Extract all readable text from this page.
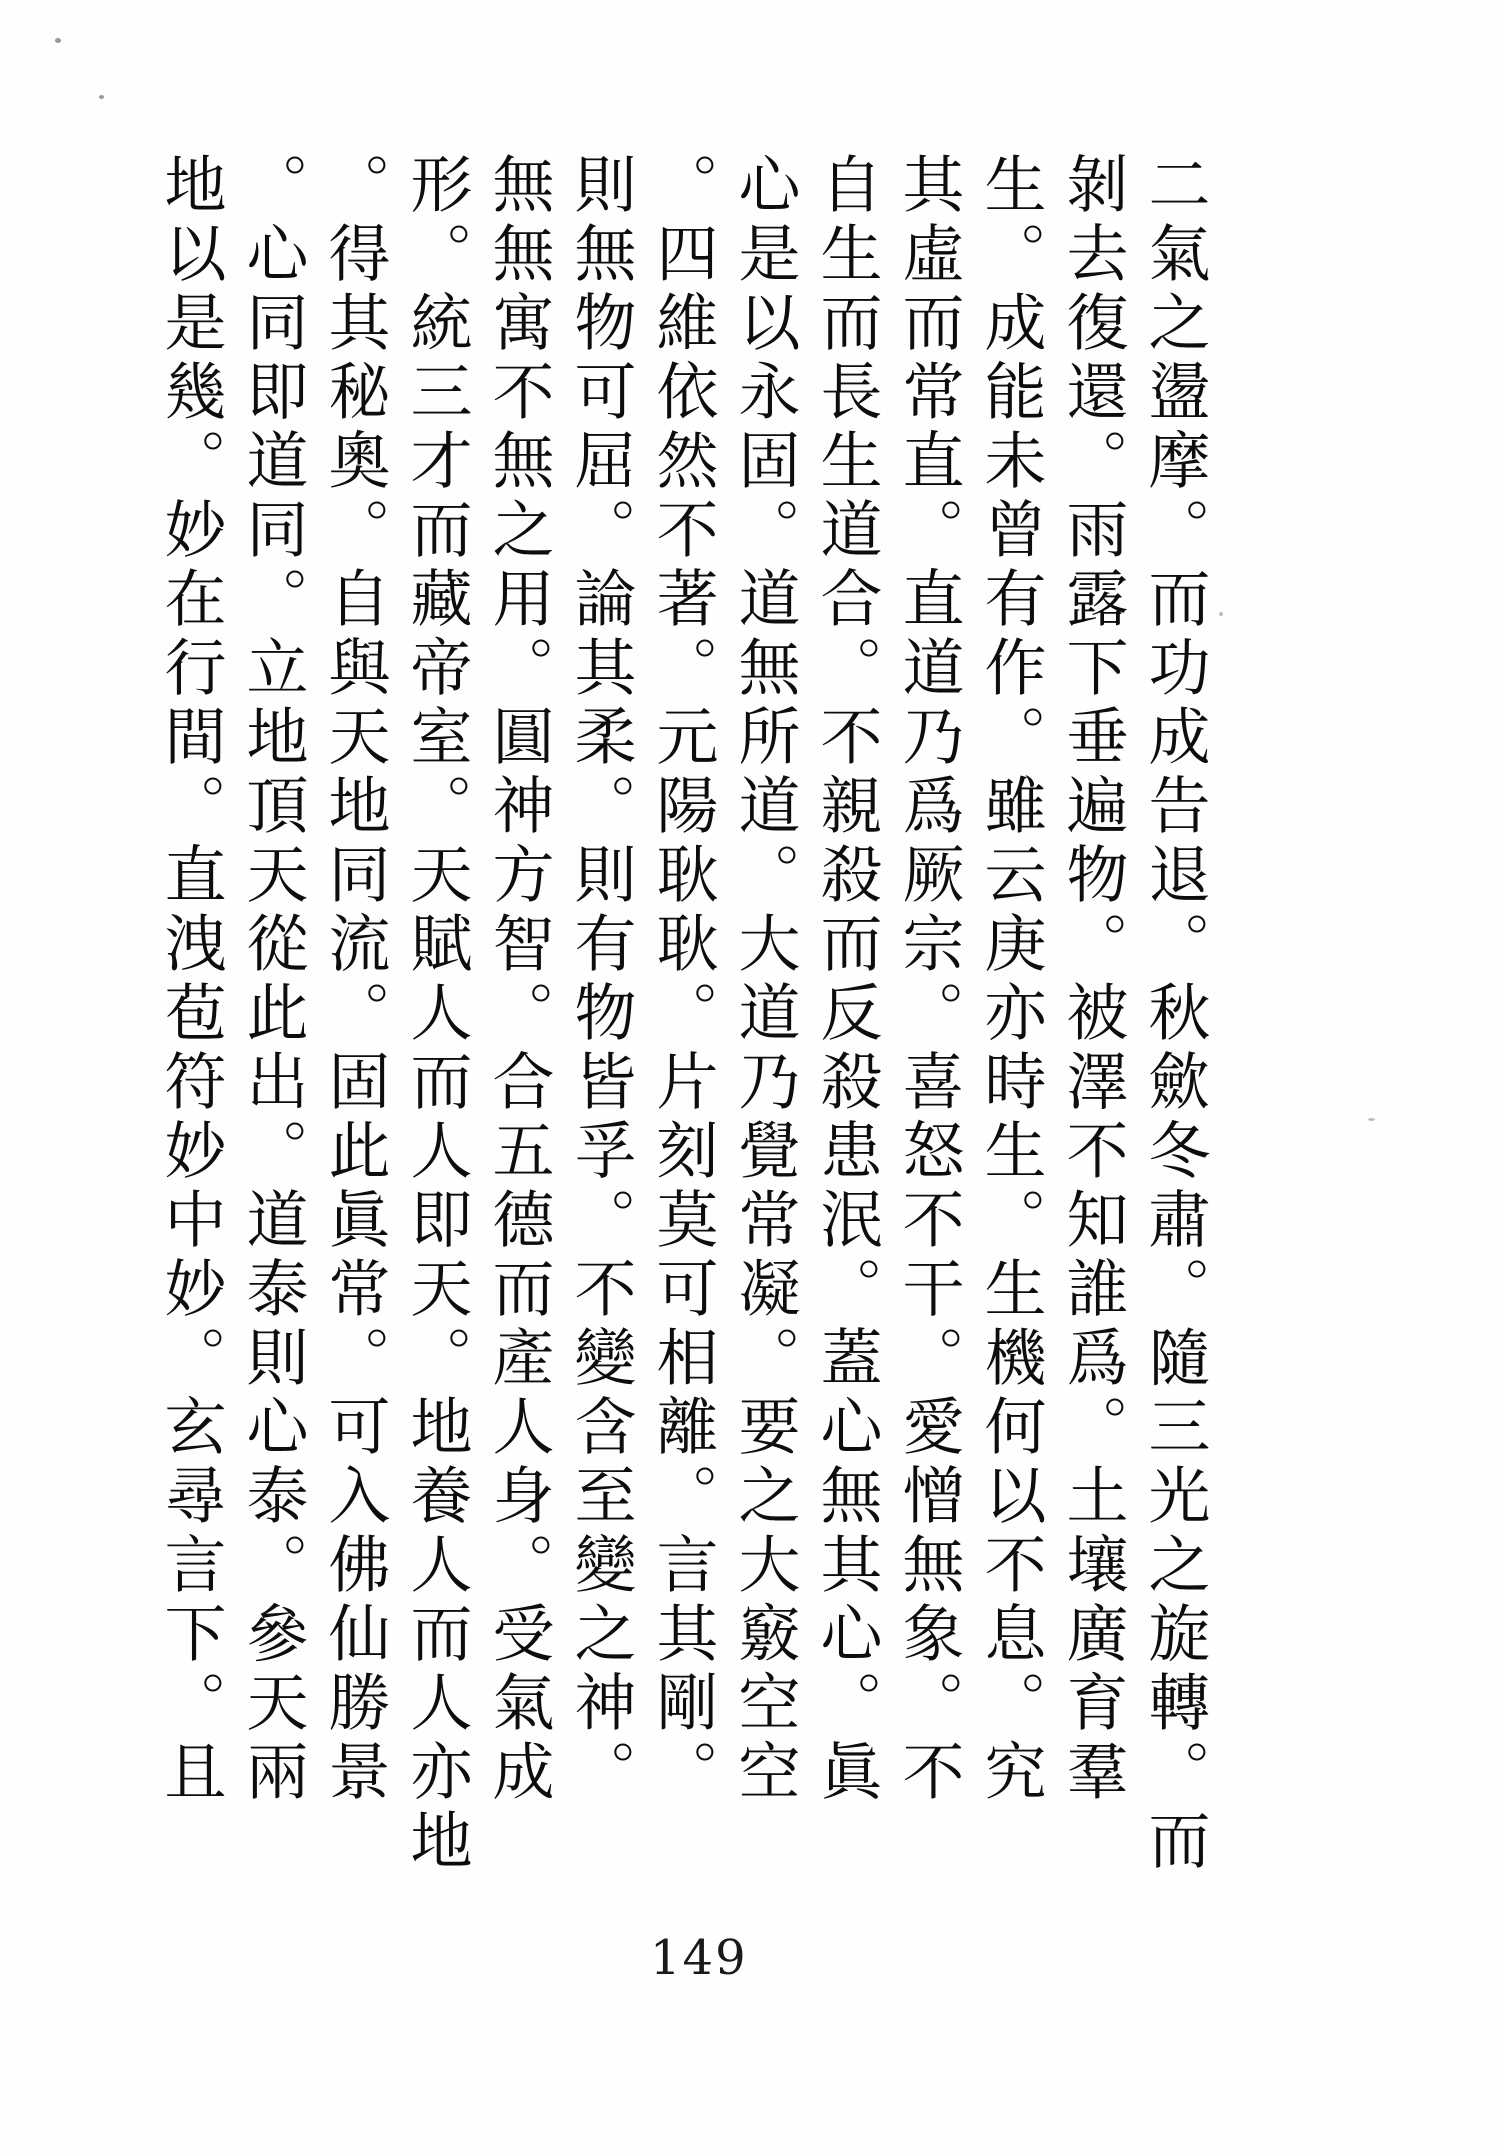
二氣之盪摩。而功成告退。秋歛冬肅。隨三光之旋轉。而
剝去復還。雨露下垂遍物。被澤不知誰爲。土壤廣育羣
生。成能未曾有作。雖云庚亦時生。生機何以不息。究
其虛而常直。直道乃爲厥宗。喜怒不干。愛憎無象。不
自生而長生道合。不親殺而反殺患泯。蓋心無其心。眞
心是以永固。道無所道。大道乃覺常凝。要之大竅空空
。四維依然不著。元陽耿耿。片刻莫可相離。言其剛。
則無物可屈。論其柔。則有物皆孚。不變含至變之神。
無無寓不無之用。圓神方智。合五德而產人身。受氣成
形。統三才而藏帝室。天賦人而人即天。地養人而人亦地
。得其秘奧。自與天地同流。固此眞常。可入佛仙勝景
。心同即道同。立地頂天從此出。道泰則心泰。參天兩
地以是幾。妙在行間。直洩苞符妙中妙。玄尋言下。且
149
